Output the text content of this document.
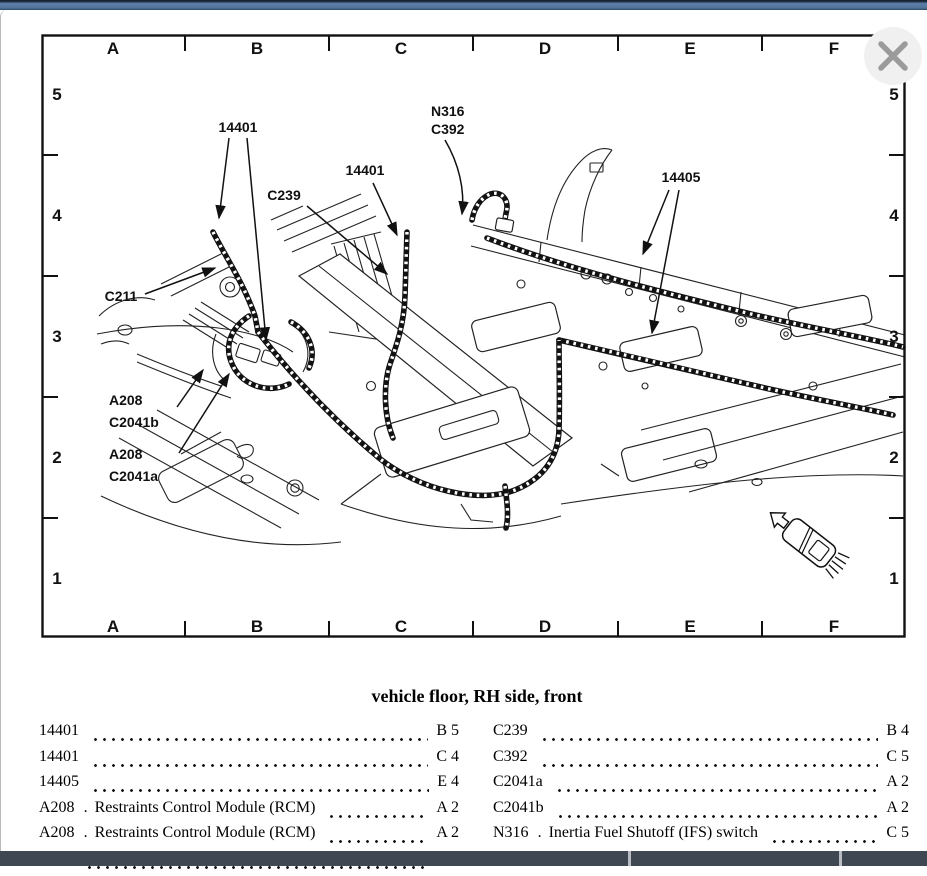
14401
C239
14401
N316
C392
14405
C211
A208
C2041b
A208
C2041a
A	B	C	D	E	F
A	B	C	D	E	F
5
4
3
2
1
5
4
3
2
1
vehicle floor, RH side, front
14401	B 5
14401	C 4
14405	E 4
A208 . Restraints Control Module (RCM)	A 2
A208 . Restraints Control Module (RCM)	A 2
C239	B 4
C392	C 5
C2041a	A 2
C2041b	A 2
N316 . Inertia Fuel Shutoff (IFS) switch	C 5
